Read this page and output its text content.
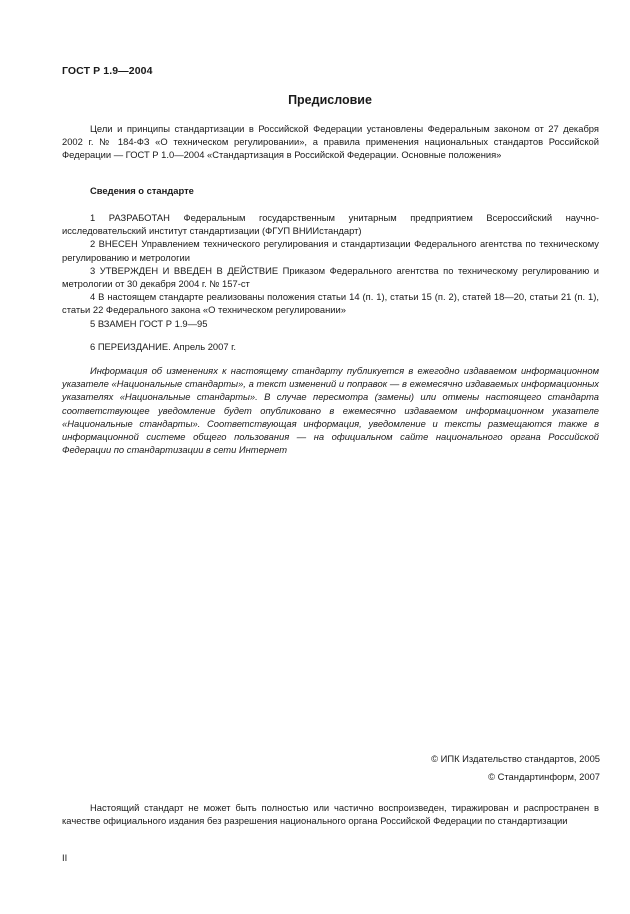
ГОСТ Р 1.9—2004
Предисловие
Цели и принципы стандартизации в Российской Федерации установлены Федеральным законом от 27 декабря 2002 г. № 184-ФЗ «О техническом регулировании», а правила применения национальных стандартов Российской Федерации — ГОСТ Р 1.0—2004 «Стандартизация в Российской Федерации. Основные положения»
Сведения о стандарте
1 РАЗРАБОТАН Федеральным государственным унитарным предприятием Всероссийский научно-исследовательский институт стандартизации (ФГУП ВНИИстандарт)
2 ВНЕСЕН Управлением технического регулирования и стандартизации Федерального агентства по техническому регулированию и метрологии
3 УТВЕРЖДЕН И ВВЕДЕН В ДЕЙСТВИЕ Приказом Федерального агентства по техническому регулированию и метрологии от 30 декабря 2004 г. № 157-ст
4 В настоящем стандарте реализованы положения статьи 14 (п. 1), статьи 15 (п. 2), статей 18—20, статьи 21 (п. 1), статьи 22 Федерального закона «О техническом регулировании»
5 ВЗАМЕН ГОСТ Р 1.9—95
6 ПЕРЕИЗДАНИЕ. Апрель 2007 г.
Информация об изменениях к настоящему стандарту публикуется в ежегодно издаваемом информационном указателе «Национальные стандарты», а текст изменений и поправок — в ежемесячно издаваемых информационных указателях «Национальные стандарты». В случае пересмотра (замены) или отмены настоящего стандарта соответствующее уведомление будет опубликовано в ежемесячно издаваемом информационном указателе «Национальные стандарты». Соответствующая информация, уведомление и тексты размещаются также в информационной системе общего пользования — на официальном сайте национального органа Российской Федерации по стандартизации в сети Интернет
© ИПК Издательство стандартов, 2005
© Стандартинформ, 2007
Настоящий стандарт не может быть полностью или частично воспроизведен, тиражирован и распространен в качестве официального издания без разрешения национального органа Российской Федерации по стандартизации
II
